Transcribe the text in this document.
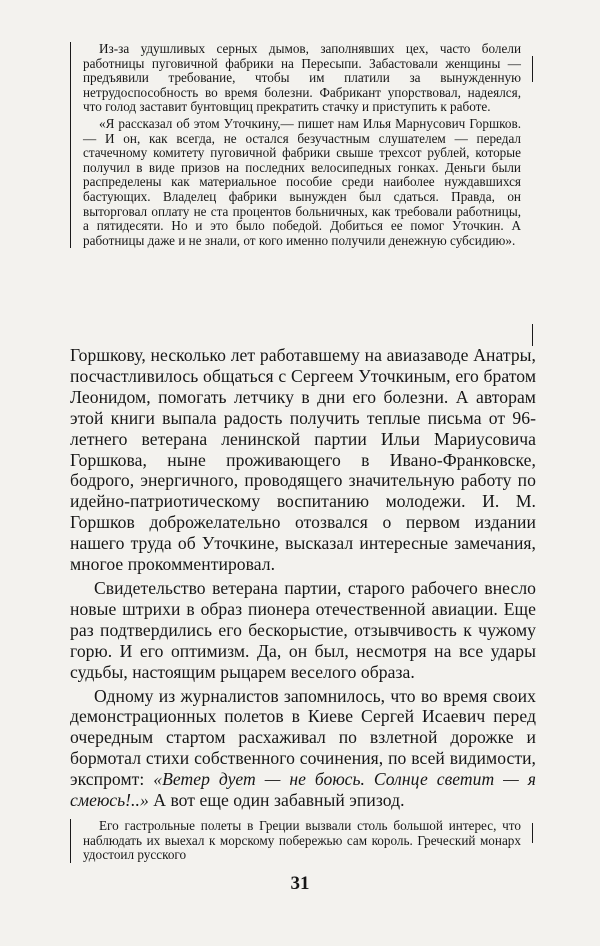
Из-за удушливых серных дымов, заполнявших цех, часто болели работницы пуговичной фабрики на Пересыпи. Забастовали женщины — предъявили требование, чтобы им платили за вынужденную нетрудоспособность во время болезни. Фабрикант упорствовал, надеялся, что голод заставит бунтовщиц прекратить стачку и приступить к работе.

«Я рассказал об этом Уточкину,— пишет нам Илья Марнусович Горшков.— И он, как всегда, не остался безучастным слушателем — передал стачечному комитету пуговичной фабрики свыше трехсот рублей, которые получил в виде призов на последних велосипедных гонках. Деньги были распределены как материальное пособие среди наиболее нуждавшихся бастующих. Владелец фабрики вынужден был сдаться. Правда, он выторговал оплату не ста процентов больничных, как требовали работницы, а пятидесяти. Но и это было победой. Добиться ее помог Уточкин. А работницы даже и не знали, от кого именно получили денежную субсидию».

Горшкову, несколько лет работавшему на авиазаводе Анатры, посчастливилось общаться с Сергеем Уточкиным, его братом Леонидом, помогать летчику в дни его болезни. А авторам этой книги выпала радость получить теплые письма от 96-летнего ветерана ленинской партии Ильи Мариусовича Горшкова, ныне проживающего в Ивано-Франковске, бодрого, энергичного, проводящего значительную работу по идейно-патриотическому воспитанию молодежи. И. М. Горшков доброжелательно отозвался о первом издании нашего труда об Уточкине, высказал интересные замечания, многое прокомментировал.

Свидетельство ветерана партии, старого рабочего внесло новые штрихи в образ пионера отечественной авиации. Еще раз подтвердились его бескорыстие, отзывчивость к чужому горю. И его оптимизм. Да, он был, несмотря на все удары судьбы, настоящим рыцарем веселого образа.

Одному из журналистов запомнилось, что во время своих демонстрационных полетов в Киеве Сергей Исаевич перед очередным стартом расхаживал по взлетной дорожке и бормотал стихи собственного сочинения, по всей видимости, экспромт: «Ветер дует — не боюсь. Солнце светит — я смеюсь!..» А вот еще один забавный эпизод.

Его гастрольные полеты в Греции вызвали столь большой интерес, что наблюдать их выехал к морскому побережью сам король. Греческий монарх удостоил русского

31
